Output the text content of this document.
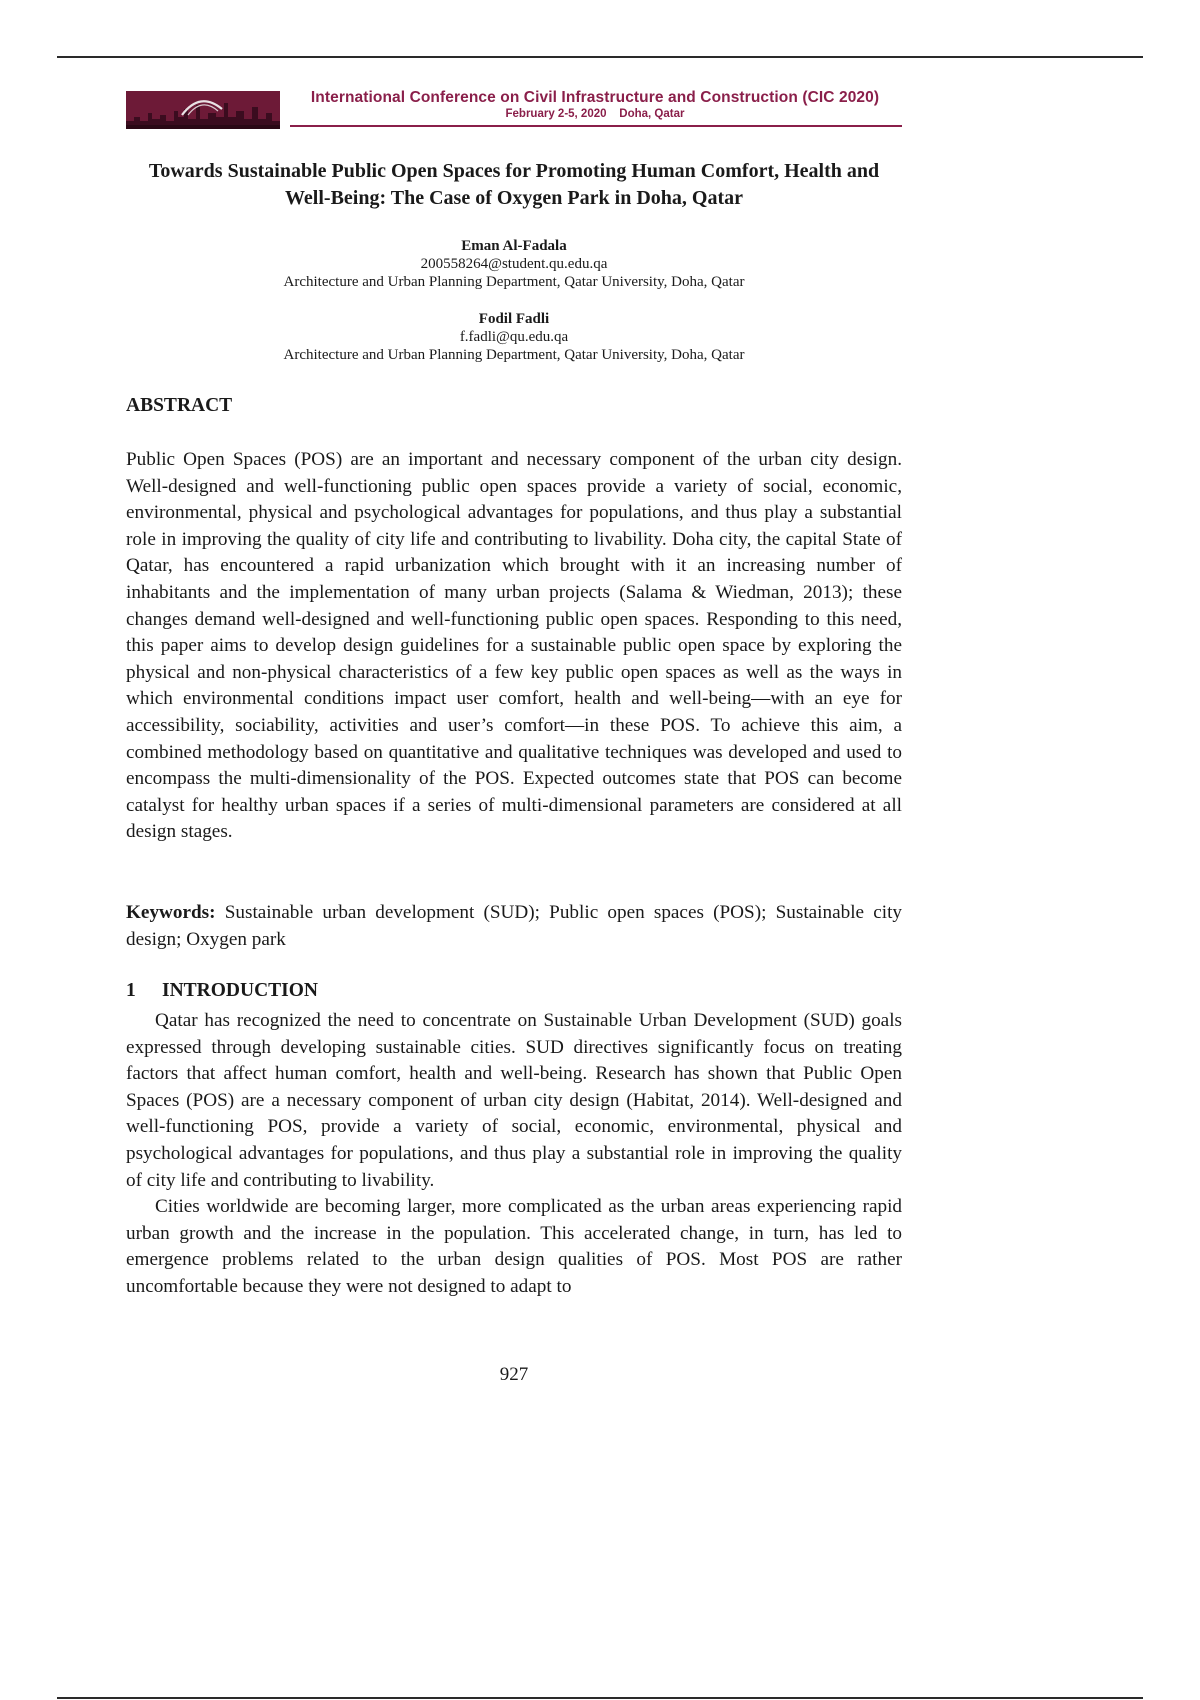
International Conference on Civil Infrastructure and Construction (CIC 2020)
February 2-5, 2020    Doha, Qatar
Towards Sustainable Public Open Spaces for Promoting Human Comfort, Health and Well-Being: The Case of Oxygen Park in Doha, Qatar
Eman Al-Fadala
200558264@student.qu.edu.qa
Architecture and Urban Planning Department, Qatar University, Doha, Qatar
Fodil Fadli
f.fadli@qu.edu.qa
Architecture and Urban Planning Department, Qatar University, Doha, Qatar
ABSTRACT
Public Open Spaces (POS) are an important and necessary component of the urban city design. Well-designed and well-functioning public open spaces provide a variety of social, economic, environmental, physical and psychological advantages for populations, and thus play a substantial role in improving the quality of city life and contributing to livability. Doha city, the capital State of Qatar, has encountered a rapid urbanization which brought with it an increasing number of inhabitants and the implementation of many urban projects (Salama & Wiedman, 2013); these changes demand well-designed and well-functioning public open spaces. Responding to this need, this paper aims to develop design guidelines for a sustainable public open space by exploring the physical and non-physical characteristics of a few key public open spaces as well as the ways in which environmental conditions impact user comfort, health and well-being—with an eye for accessibility, sociability, activities and user’s comfort—in these POS. To achieve this aim, a combined methodology based on quantitative and qualitative techniques was developed and used to encompass the multi-dimensionality of the POS. Expected outcomes state that POS can become catalyst for healthy urban spaces if a series of multi-dimensional parameters are considered at all design stages.
Keywords: Sustainable urban development (SUD); Public open spaces (POS); Sustainable city design; Oxygen park
1 INTRODUCTION

Qatar has recognized the need to concentrate on Sustainable Urban Development (SUD) goals expressed through developing sustainable cities. SUD directives significantly focus on treating factors that affect human comfort, health and well-being. Research has shown that Public Open Spaces (POS) are a necessary component of urban city design (Habitat, 2014). Well-designed and well-functioning POS, provide a variety of social, economic, environmental, physical and psychological advantages for populations, and thus play a substantial role in improving the quality of city life and contributing to livability.

Cities worldwide are becoming larger, more complicated as the urban areas experiencing rapid urban growth and the increase in the population. This accelerated change, in turn, has led to emergence problems related to the urban design qualities of POS. Most POS are rather uncomfortable because they were not designed to adapt to

927
